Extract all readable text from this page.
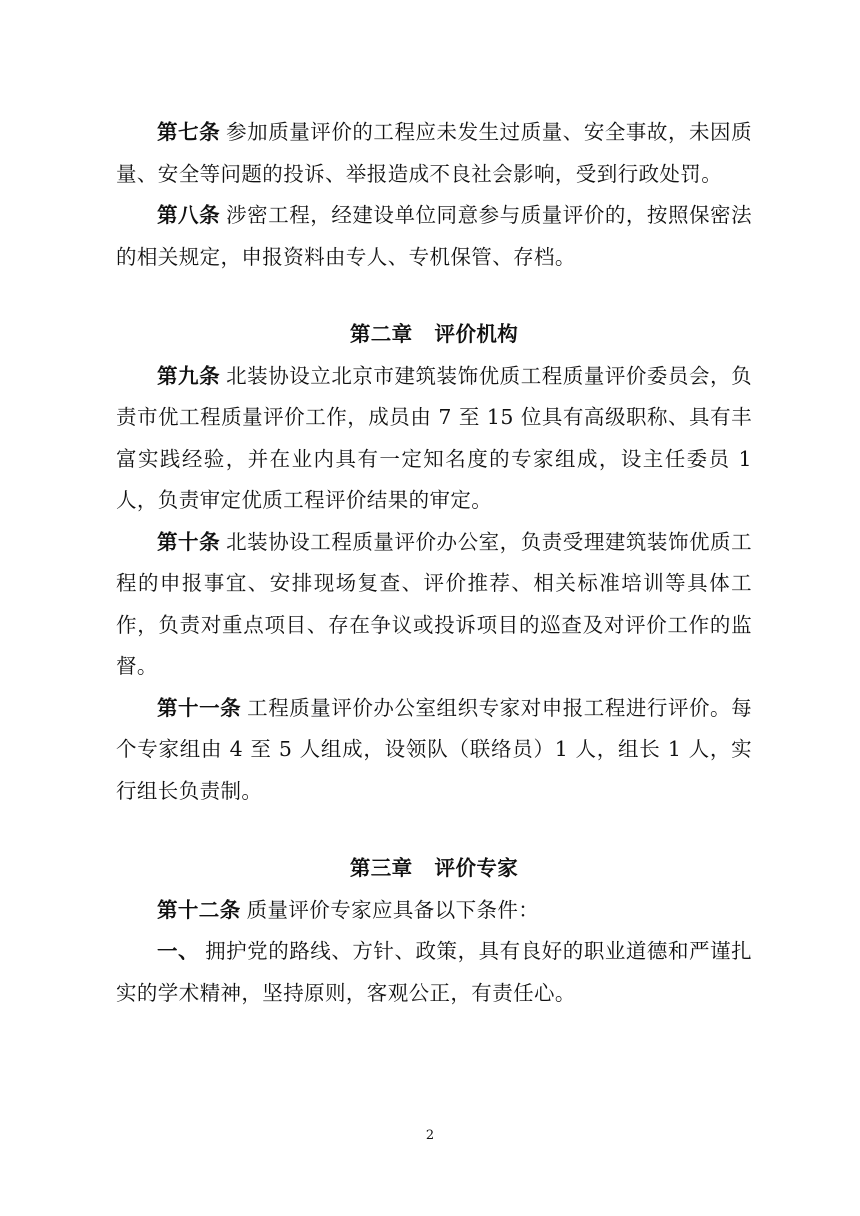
第七条 参加质量评价的工程应未发生过质量、安全事故，未因质量、安全等问题的投诉、举报造成不良社会影响，受到行政处罚。

第八条 涉密工程，经建设单位同意参与质量评价的，按照保密法的相关规定，申报资料由专人、专机保管、存档。

第二章 评价机构

第九条 北装协设立北京市建筑装饰优质工程质量评价委员会，负责市优工程质量评价工作，成员由 7 至 15 位具有高级职称、具有丰富实践经验，并在业内具有一定知名度的专家组成，设主任委员 1 人，负责审定优质工程评价结果的审定。

第十条 北装协设工程质量评价办公室，负责受理建筑装饰优质工程的申报事宜、安排现场复查、评价推荐、相关标准培训等具体工作，负责对重点项目、存在争议或投诉项目的巡查及对评价工作的监督。

第十一条 工程质量评价办公室组织专家对申报工程进行评价。每个专家组由 4 至 5 人组成，设领队（联络员）1 人，组长 1 人，实行组长负责制。

第三章 评价专家

第十二条 质量评价专家应具备以下条件：

一、 拥护党的路线、方针、政策，具有良好的职业道德和严谨扎实的学术精神，坚持原则，客观公正，有责任心。

2
